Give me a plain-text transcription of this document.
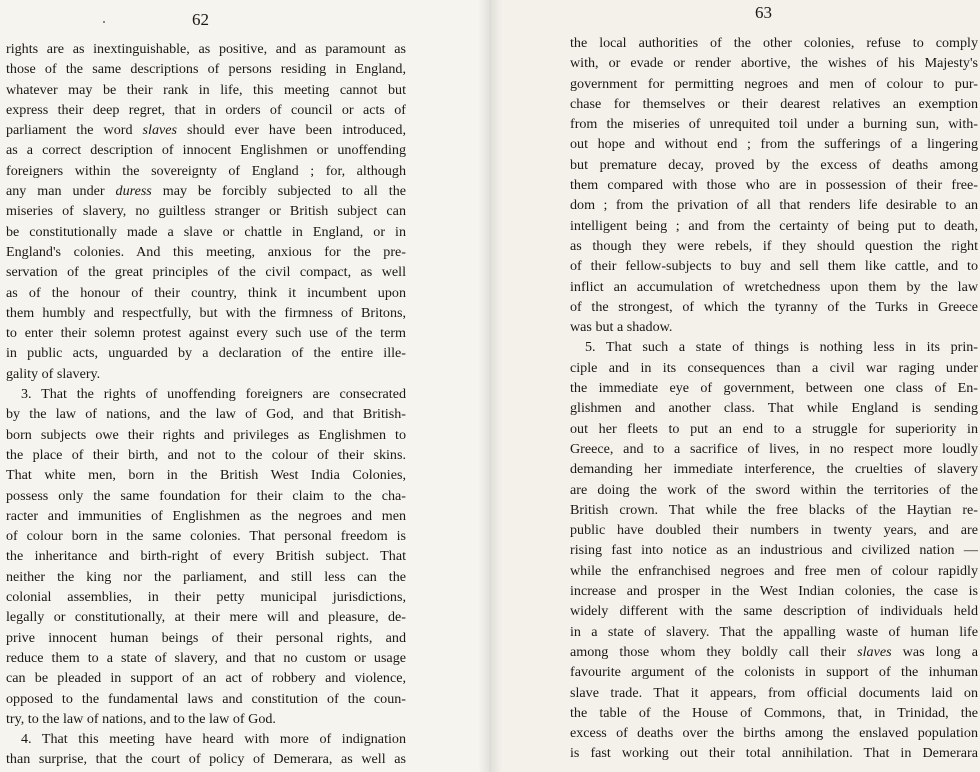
62
rights are as inextinguishable, as positive, and as paramount as
those of the same descriptions of persons residing in England,
whatever may be their rank in life, this meeting cannot but
express their deep regret, that in orders of council or acts of
parliament the word slaves should ever have been introduced,
as a correct description of innocent Englishmen or unoffending
foreigners within the sovereignty of England ; for, although
any man under duress may be forcibly subjected to all the
miseries of slavery, no guiltless stranger or British subject can
be constitutionally made a slave or chattle in England, or in
England's colonies. And this meeting, anxious for the pre-
servation of the great principles of the civil compact, as well
as of the honour of their country, think it incumbent upon
them humbly and respectfully, but with the firmness of Britons,
to enter their solemn protest against every such use of the term
in public acts, unguarded by a declaration of the entire ille-
gality of slavery.
3. That the rights of unoffending foreigners are consecrated
by the law of nations, and the law of God, and that British-
born subjects owe their rights and privileges as Englishmen to
the place of their birth, and not to the colour of their skins.
That white men, born in the British West India Colonies,
possess only the same foundation for their claim to the cha-
racter and immunities of Englishmen as the negroes and men
of colour born in the same colonies. That personal freedom is
the inheritance and birth-right of every British subject. That
neither the king nor the parliament, and still less can the
colonial assemblies, in their petty municipal jurisdictions,
legally or constitutionally, at their mere will and pleasure, de-
prive innocent human beings of their personal rights, and
reduce them to a state of slavery, and that no custom or usage
can be pleaded in support of an act of robbery and violence,
opposed to the fundamental laws and constitution of the coun-
try, to the law of nations, and to the law of God.
4. That this meeting have heard with more of indignation
than surprise, that the court of policy of Demerara, as well as
63
the local authorities of the other colonies, refuse to comply
with, or evade or render abortive, the wishes of his Majesty's
government for permitting negroes and men of colour to pur-
chase for themselves or their dearest relatives an exemption
from the miseries of unrequited toil under a burning sun, with-
out hope and without end ; from the sufferings of a lingering
but premature decay, proved by the excess of deaths among
them compared with those who are in possession of their free-
dom ; from the privation of all that renders life desirable to an
intelligent being ; and from the certainty of being put to death,
as though they were rebels, if they should question the right
of their fellow-subjects to buy and sell them like cattle, and to
inflict an accumulation of wretchedness upon them by the law
of the strongest, of which the tyranny of the Turks in Greece
was but a shadow.
5. That such a state of things is nothing less in its prin-
ciple and in its consequences than a civil war raging under
the immediate eye of government, between one class of En-
glishmen and another class. That while England is sending
out her fleets to put an end to a struggle for superiority in
Greece, and to a sacrifice of lives, in no respect more loudly
demanding her immediate interference, the cruelties of slavery
are doing the work of the sword within the territories of the
British crown. That while the free blacks of the Haytian re-
public have doubled their numbers in twenty years, and are
rising fast into notice as an industrious and civilized nation —
while the enfranchised negroes and free men of colour rapidly
increase and prosper in the West Indian colonies, the case is
widely different with the same description of individuals held
in a state of slavery. That the appalling waste of human life
among those whom they boldly call their slaves was long a
favourite argument of the colonists in support of the inhuman
slave trade. That it appears, from official documents laid on
the table of the House of Commons, that, in Trinidad, the
excess of deaths over the births among the enslaved population
is fast working out their total annihilation. That in Demerara
